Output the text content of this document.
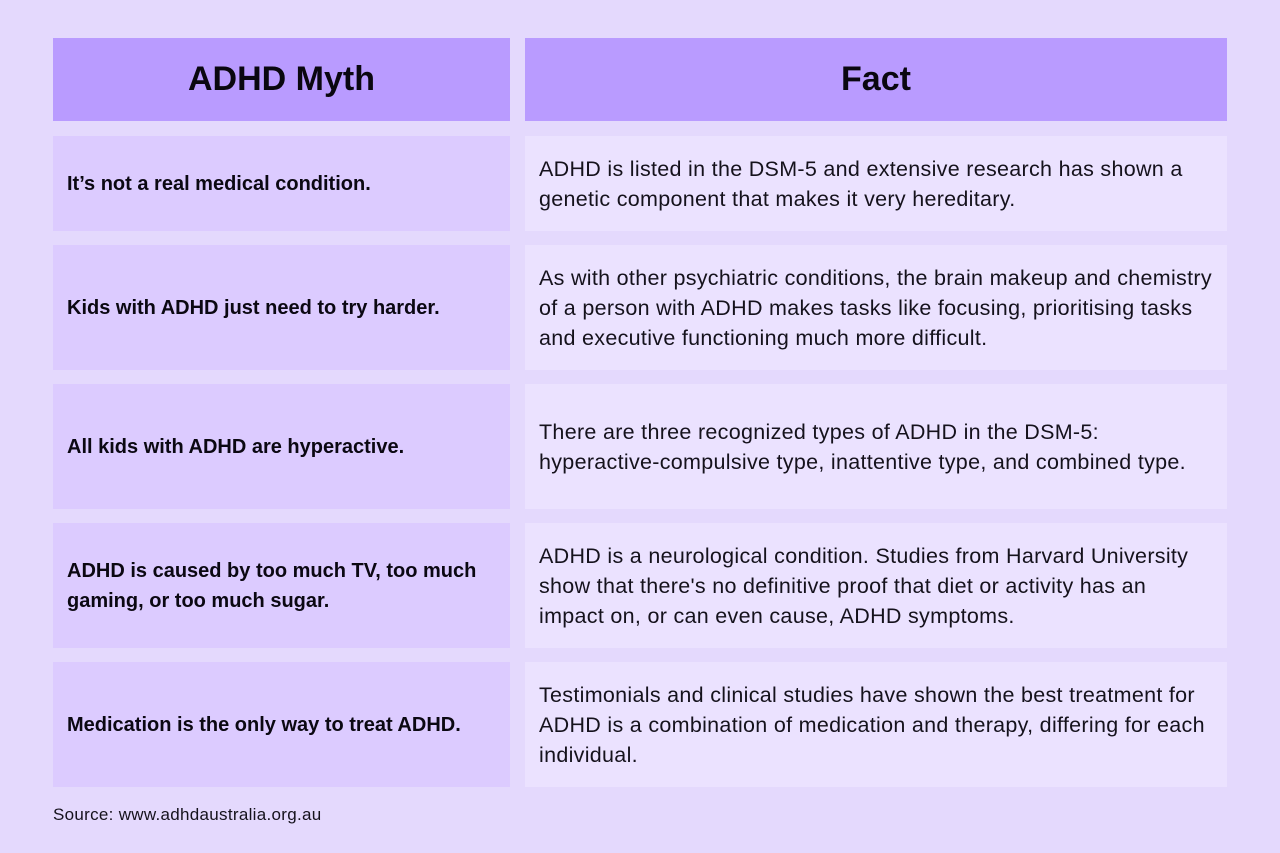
ADHD Myth	Fact
It’s not a real medical condition.
ADHD is listed in the DSM-5 and extensive research has shown a genetic component that makes it very hereditary.
Kids with ADHD just need to try harder.
As with other psychiatric conditions, the brain makeup and chemistry of a person with ADHD makes tasks like focusing, prioritising tasks and executive functioning much more difficult.
All kids with ADHD are hyperactive.
There are three recognized types of ADHD in the DSM-5: hyperactive-compulsive type, inattentive type, and combined type.
ADHD is caused by too much TV, too much gaming, or too much sugar.
ADHD is a neurological condition. Studies from Harvard University show that there's no definitive proof that diet or activity has an impact on, or can even cause, ADHD symptoms.
Medication is the only way to treat ADHD.
Testimonials and clinical studies have shown the best treatment for ADHD is a combination of medication and therapy, differing for each individual.
Source: www.adhdaustralia.org.au
